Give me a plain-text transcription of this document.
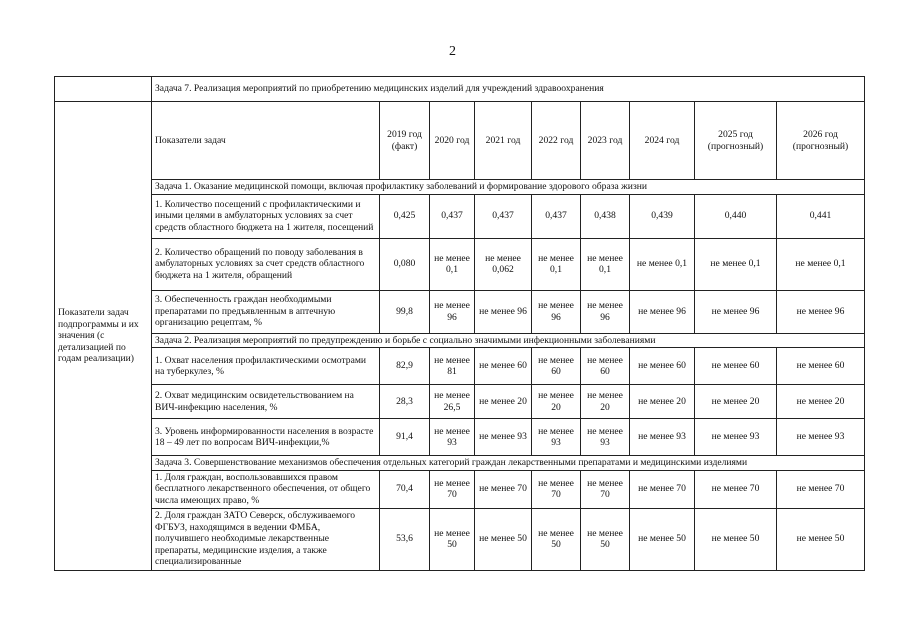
2
	Задача 7. Реализация мероприятий по приобретению медицинских изделий для учреждений здравоохранения								
Показатели задач подпрограммы и их значения (с детализацией по годам реализации)	Показатели задач	2019 год (факт)	2020 год	2021 год	2022 год	2023 год	2024 год	2025 год (прогнозный)	2026 год (прогнозный)
	Задача 1. Оказание медицинской помощи, включая профилактику заболеваний и формирование здорового образа жизни								
	1. Количество посещений с профилактическими и иными целями в амбулаторных условиях за счет средств областного бюджета на 1 жителя, посещений	0,425	0,437	0,437	0,437	0,438	0,439	0,440	0,441
	2. Количество обращений по поводу заболевания в амбулаторных условиях за счет средств областного бюджета на 1 жителя, обращений	0,080	не менее 0,1	не менее 0,062	не менее 0,1	не менее 0,1	не менее 0,1	не менее 0,1	не менее 0,1
	3. Обеспеченность граждан необходимыми препаратами по предъявленным в аптечную организацию рецептам, %	99,8	не менее 96	не менее 96	не менее 96	не менее 96	не менее 96	не менее 96	не менее 96
	Задача 2. Реализация мероприятий по предупреждению и борьбе с социально значимыми инфекционными заболеваниями								
	1. Охват населения профилактическими осмотрами на туберкулез, %	82,9	не менее 81	не менее 60	не менее 60	не менее 60	не менее 60	не менее 60	не менее 60
	2. Охват медицинским освидетельствованием на ВИЧ-инфекцию населения, %	28,3	не менее 26,5	не менее 20	не менее 20	не менее 20	не менее 20	не менее 20	не менее 20
	3. Уровень информированности населения в возрасте 18 – 49 лет по вопросам ВИЧ-инфекции,%	91,4	не менее 93	не менее 93	не менее 93	не менее 93	не менее 93	не менее 93	не менее 93
	Задача 3. Совершенствование механизмов обеспечения отдельных категорий граждан лекарственными препаратами и медицинскими изделиями								
	1. Доля граждан, воспользовавшихся правом бесплатного лекарственного обеспечения, от общего числа имеющих право, %	70,4	не менее 70	не менее 70	не менее 70	не менее 70	не менее 70	не менее 70	не менее 70
	2. Доля граждан ЗАТО Северск, обслуживаемого ФГБУЗ, находящимся в ведении ФМБА, получившего необходимые лекарственные препараты, медицинские изделия, а также специализированные	53,6	не менее 50	не менее 50	не менее 50	не менее 50	не менее 50	не менее 50	не менее 50
